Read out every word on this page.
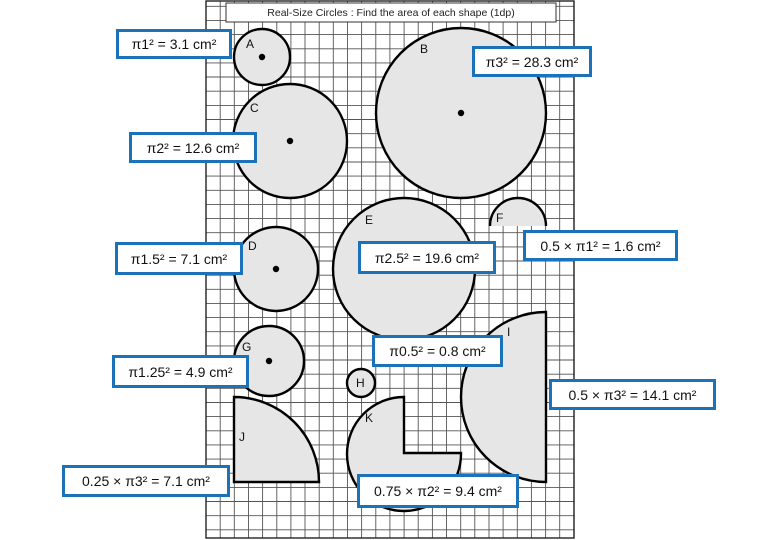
A	B
C
D
E	F
G
H
I
J
K
Real-Size Circles : Find the area of each shape (1dp)
π1² = 3.1 cm²
π3² = 28.3 cm²
π2² = 12.6 cm²
π1.5² = 7.1 cm²	π2.5² = 19.6 cm²
0.5 × π1² = 1.6 cm²
π1.25² = 4.9 cm²
π0.5² = 0.8 cm²
0.5 × π3² = 14.1 cm²
0.25 × π3² = 7.1 cm²
0.75 × π2² = 9.4 cm²
